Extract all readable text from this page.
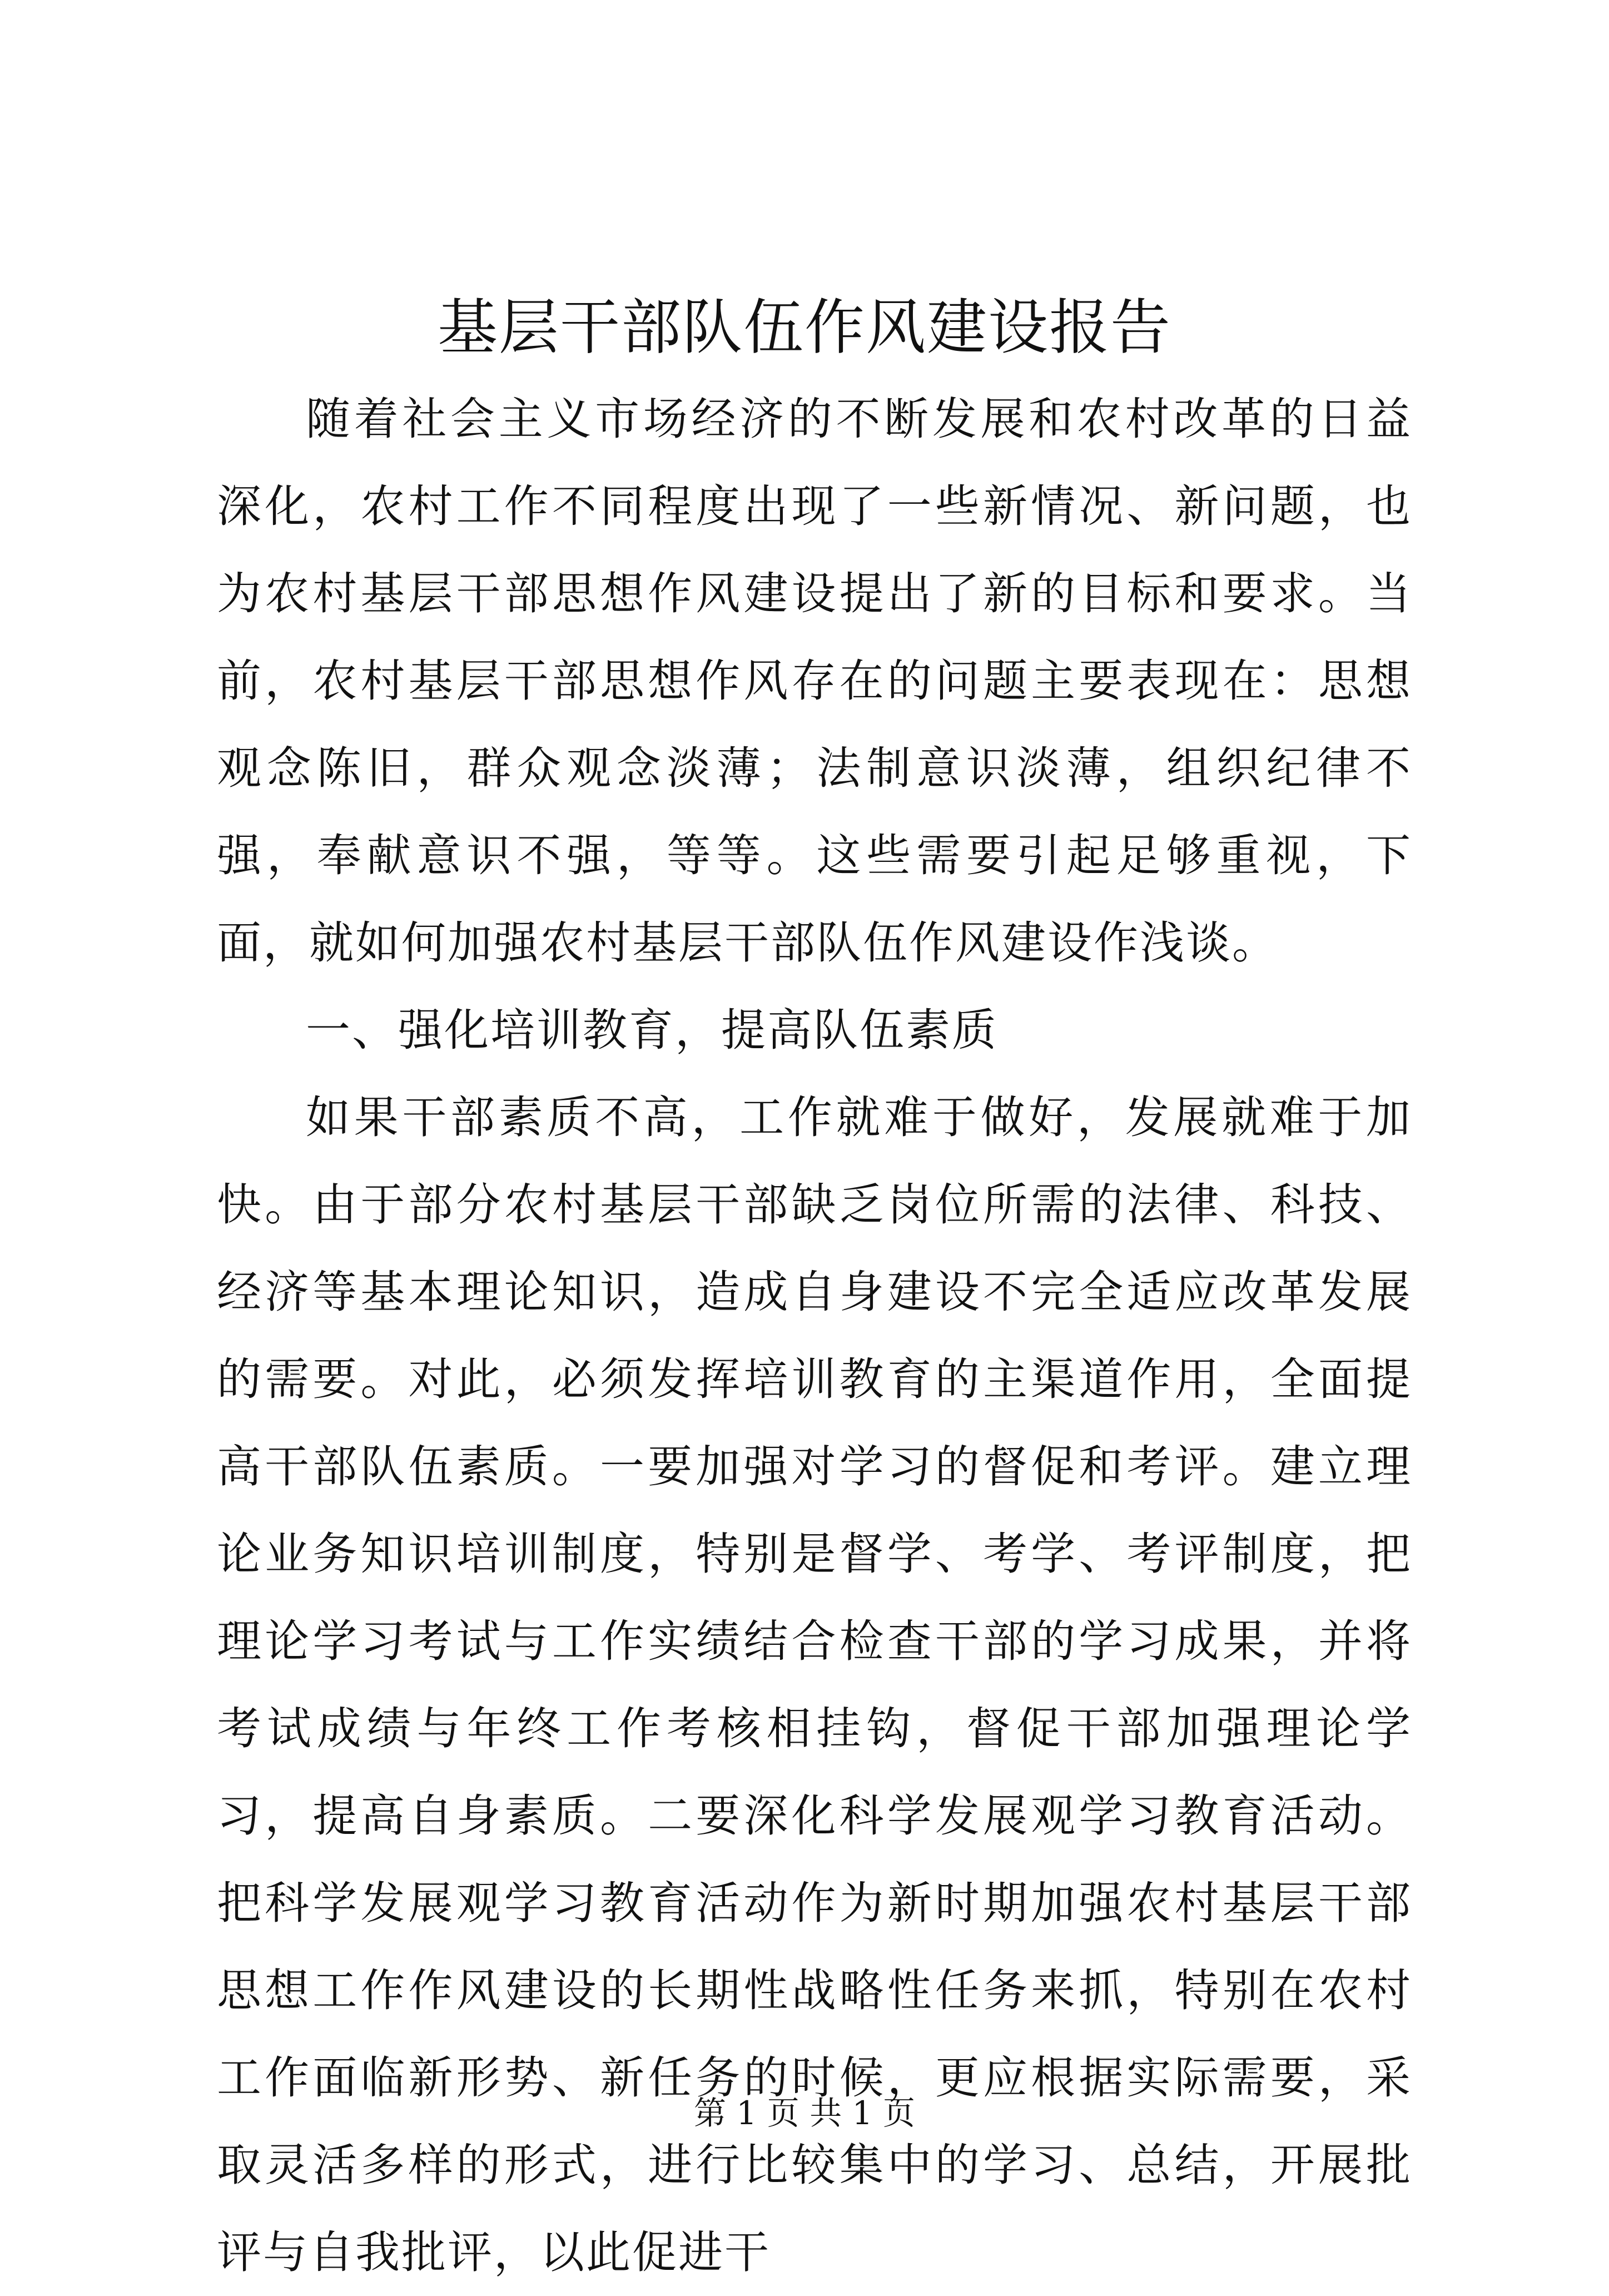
基层干部队伍作风建设报告

随着社会主义市场经济的不断发展和农村改革的日益深化，农村工作不同程度出现了一些新情况、新问题，也为农村基层干部思想作风建设提出了新的目标和要求。当前，农村基层干部思想作风存在的问题主要表现在：思想观念陈旧，群众观念淡薄；法制意识淡薄，组织纪律不强，奉献意识不强，等等。这些需要引起足够重视，下面，就如何加强农村基层干部队伍作风建设作浅谈。

一、强化培训教育，提高队伍素质

如果干部素质不高，工作就难于做好，发展就难于加快。由于部分农村基层干部缺乏岗位所需的法律、科技、经济等基本理论知识，造成自身建设不完全适应改革发展的需要。对此，必须发挥培训教育的主渠道作用，全面提高干部队伍素质。一要加强对学习的督促和考评。建立理论业务知识培训制度，特别是督学、考学、考评制度，把理论学习考试与工作实绩结合检查干部的学习成果，并将考试成绩与年终工作考核相挂钩，督促干部加强理论学习，提高自身素质。二要深化科学发展观学习教育活动。把科学发展观学习教育活动作为新时期加强农村基层干部思想工作作风建设的长期性战略性任务来抓，特别在农村工作面临新形势、新任务的时候，更应根据实际需要，采取灵活多样的形式，进行比较集中的学习、总结，开展批评与自我批评，以此促进干

第 1 页 共 1 页
